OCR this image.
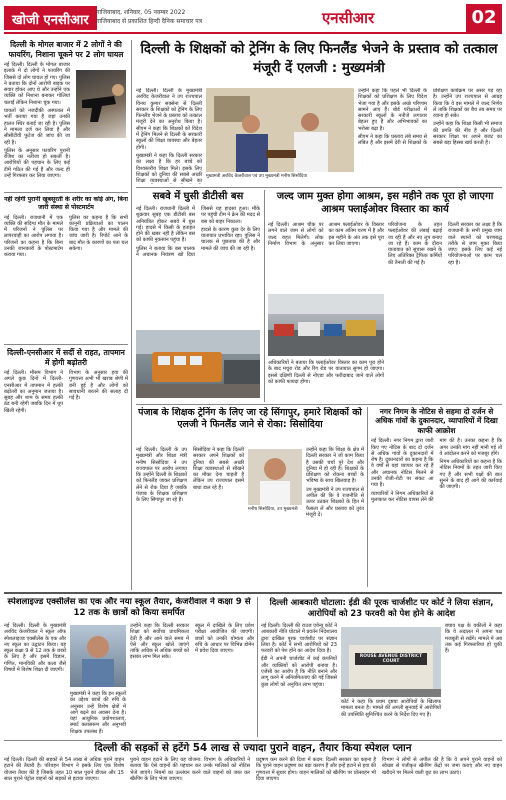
खोजी एनसीआर
गाजियाबाद, शनिवार, 05 नवम्बर 2022
गाजियाबाद से प्रकाशित हिन्दी दैनिक समाचार पत्र	एनसीआर	02
दिल्ली के मोगल बाजार में 2 लोगों ने की फायरिंग, निशाना चूकने पर 2 लोग घायल

नई दिल्ली। दिल्ली के मोगल बाजार इलाके में दो लोगों ने फायरिंग की जिससे दो लोग घायल हो गए। पुलिस ने बताया कि दोनों आरोपी बाइक पर सवार होकर आए थे और उन्होंने एक व्यक्ति को निशाना बनाकर गोलियां चलाईं लेकिन निशाना चूक गया।

घायलों को नजदीकी अस्पताल में भर्ती कराया गया है जहां उनकी हालत स्थिर बताई जा रही है। पुलिस ने मामला दर्ज कर लिया है और सीसीटीवी फुटेज की जांच की जा रही है।

पुलिस के अनुसार फायरिंग पुरानी रंजिश का नतीजा हो सकती है। आरोपियों की पहचान के लिए कई टीमें गठित की गई हैं और जल्द ही उन्हें गिरफ्तार कर लिया जाएगा।

नहीं रहेगी पुरानी खूबसूरती के शरीर का कोई अंग, बिना जारी संस्था से पोस्टमार्टम

नई दिल्ली। राजधानी में एक व्यक्ति की संदिग्ध मौत के मामले में परिजनों ने पुलिस पर लापरवाही का आरोप लगाया है। परिजनों का कहना है कि बिना उनकी जानकारी के पोस्टमार्टम कराया गया।

पुलिस का कहना है कि सभी कानूनी प्रक्रियाओं का पालन किया गया है और मामले की जांच जारी है। रिपोर्ट आने के बाद मौत के कारणों का पता चल सकेगा।

दिल्ली-एनसीआर में सर्दी से राहत, तापमान में होगी बढ़ोतरी

नई दिल्ली। मौसम विभाग ने अगले कुछ दिनों में दिल्ली-एनसीआर में तापमान में हल्की बढ़ोतरी का अनुमान जताया है। सुबह और शाम के समय हल्की ठंड बनी रहेगी जबकि दिन में धूप खिली रहेगी।

विभाग के अनुसार हवा की गुणवत्ता अभी भी खराब श्रेणी में बनी हुई है और लोगों को सावधानी बरतने की सलाह दी गई है।

दिल्ली के शिक्षकों को ट्रेनिंग के लिए फिनलैंड भेजने के प्रस्ताव को तत्काल मंजूरी दें एलजी : मुख्यमंत्री

नई दिल्ली। दिल्ली के मुख्यमंत्री अरविंद केजरीवाल ने उप राज्यपाल विनय कुमार सक्सेना से दिल्ली सरकार के शिक्षकों को ट्रेनिंग के लिए फिनलैंड भेजने के प्रस्ताव को तत्काल मंजूरी देने का अनुरोध किया है। सीएम ने कहा कि शिक्षकों को विदेश में ट्रेनिंग मिलने से दिल्ली के सरकारी स्कूलों की शिक्षा व्यवस्था और बेहतर होगी।

मुख्यमंत्री ने कहा कि दिल्ली सरकार का लक्ष्य है कि हर बच्चे को विश्वस्तरीय शिक्षा मिले। इसके लिए शिक्षकों को दुनिया की सबसे अच्छी शिक्षा व्यवस्थाओं से सीखने का

मुख्यमंत्री अरविंद केजरीवाल एवं उप मुख्यमंत्री मनीष सिसोदिया

उन्होंने कहा कि पहले भी दिल्ली के शिक्षकों को प्रशिक्षण के लिए विदेश भेजा गया है और इसके अच्छे परिणाम सामने आए हैं। बोर्ड परीक्षाओं में सरकारी स्कूलों के नतीजे लगातार बेहतर हुए हैं और अभिभावकों का भरोसा बढ़ा है।

सीएम ने कहा कि प्रस्ताव लंबे समय से लंबित है और इसमें देरी से शिक्षकों के प्रशिक्षण कार्यक्रम पर असर पड़ रहा है। उन्होंने उप राज्यपाल से आग्रह किया कि वे इस मामले में जल्द निर्णय लें ताकि शिक्षकों का बैच तय समय पर रवाना हो सके।

उन्होंने कहा कि शिक्षा किसी भी समाज की प्रगति की नींव है और दिल्ली सरकार शिक्षा पर अपने बजट का सबसे बड़ा हिस्सा खर्च करती है।

सबवे में घुसी डीटीसी बस

नई दिल्ली। राजधानी दिल्ली में शुक्रवार सुबह एक डीटीसी बस अनियंत्रित होकर सबवे में घुस गई। हादसे में किसी के हताहत होने की खबर नहीं है लेकिन बस को काफी नुकसान पहुंचा है।

पुलिस ने बताया कि बस चालक ने अचानक नियंत्रण खो दिया जिससे यह हादसा हुआ। मौके पर पहुंची टीम ने क्रेन की मदद से बस को बाहर निकाला।

हादसे के कारण कुछ देर के लिए यातायात प्रभावित रहा। पुलिस ने चालक से पूछताछ की है और मामले की जांच की जा रही है।

जल्द जाम मुक्त होगा आश्रम, इस महीने तक पूरा हो जाएगा आश्रम फ्लाईओवर विस्तार का कार्य

नई दिल्ली। आश्रम चौक पर लगने वाले जाम से लोगों को जल्द राहत मिलेगी। लोक निर्माण विभाग के अनुसार आश्रम फ्लाईओवर के विस्तार का काम अंतिम चरण में है और इस महीने के अंत तक इसे पूरा कर लिया जाएगा।

अधिकारियों ने बताया कि फ्लाईओवर विस्तार का काम पूरा होने के बाद मथुरा रोड और रिंग रोड पर यातायात सुगम हो जाएगा। इससे दक्षिणी दिल्ली से नोएडा और फरीदाबाद जाने वाले लोगों को काफी फायदा होगा।

परियोजना के तहत फ्लाईओवर की लंबाई बढ़ाई जा रही है और नए लूप बनाए जा रहे हैं। काम के दौरान यातायात को सुचारू रखने के लिए अतिरिक्त ट्रैफिक कर्मियों की तैनाती की गई है।

दिल्ली सरकार का लक्ष्य है कि राजधानी के सभी प्रमुख जाम वाले स्थानों को चरणबद्ध तरीके से जाम मुक्त किया जाए। इसके लिए कई नई परियोजनाओं पर काम चल रहा है।

पंजाब के शिक्षक ट्रेनिंग के लिए जा रहे सिंगापुर, हमारे शिक्षकों को एलजी ने फिनलैंड जाने से रोका: सिसोदिया

नई दिल्ली। दिल्ली के उप मुख्यमंत्री और शिक्षा मंत्री मनीष सिसोदिया ने उप राज्यपाल पर आरोप लगाया कि उन्होंने दिल्ली के शिक्षकों को फिनलैंड जाकर प्रशिक्षण लेने से रोक दिया है जबकि पंजाब के शिक्षक प्रशिक्षण के लिए सिंगापुर जा रहे हैं।

सिसोदिया ने कहा कि दिल्ली सरकार अपने शिक्षकों को दुनिया की सबसे अच्छी शिक्षा व्यवस्थाओं से सीखने का मौका देना चाहती है लेकिन उप राज्यपाल इसमें बाधा डाल रहे हैं।

मनीष सिसोदिया, उप मुख्यमंत्री

उन्होंने कहा कि शिक्षा के क्षेत्र में दिल्ली सरकार ने जो काम किया है उसकी चर्चा पूरे देश और दुनिया में हो रही है। शिक्षकों के प्रशिक्षण को रोकना बच्चों के भविष्य के साथ खिलवाड़ है।

उप मुख्यमंत्री ने उप राज्यपाल से अपील की कि वे राजनीति से ऊपर उठकर शिक्षकों के हित में फैसला लें और प्रस्ताव को तुरंत मंजूरी दें।

नगर निगम के नोटिस से सहमा दो दर्जन से अधिक गांवों के दुकानदार, व्यापारियों में दिखा काफी आक्रोश

नई दिल्ली। नगर निगम द्वारा जारी किए गए नोटिस के बाद दो दर्जन से अधिक गांवों के दुकानदारों में रोष है। दुकानदारों का कहना है कि वे वर्षों से यहां व्यापार कर रहे हैं और अचानक नोटिस मिलने से उनकी रोजी-रोटी पर संकट आ गया है।

व्यापारियों ने निगम अधिकारियों से मुलाकात कर नोटिस वापस लेने की मांग की है। उनका कहना है कि अगर उनकी मांग नहीं मानी गई तो वे आंदोलन करने को मजबूर होंगे।

निगम अधिकारियों का कहना है कि नोटिस नियमों के तहत जारी किए गए हैं और सभी पक्षों की बात सुनने के बाद ही आगे की कार्रवाई की जाएगी।

स्पेशलाइज्ड एक्सीलेंस का एक और नया स्कूल तैयार, केजरीवाल ने कक्षा 9 से 12 तक के छात्रों को किया समर्पित

नई दिल्ली। दिल्ली के मुख्यमंत्री अरविंद केजरीवाल ने स्कूल ऑफ स्पेशलाइज्ड एक्सीलेंस के एक और नए स्कूल का उद्घाटन किया। यह स्कूल कक्षा 9 से 12 तक के छात्रों के लिए है और इसमें विज्ञान, गणित, मानविकी और कला जैसे विषयों में विशेष शिक्षा दी जाएगी।

मुख्यमंत्री ने कहा कि इन स्कूलों का उद्देश्य छात्रों की रुचि के अनुसार उन्हें विशेष क्षेत्रों में आगे बढ़ने का अवसर देना है। यहां आधुनिक प्रयोगशालाएं, स्मार्ट क्लासरूम और अनुभवी शिक्षक उपलब्ध हैं।

उन्होंने कहा कि दिल्ली सरकार शिक्षा को सर्वोच्च प्राथमिकता देती है और आने वाले समय में ऐसे और स्कूल खोले जाएंगे ताकि अधिक से अधिक बच्चों को इसका लाभ मिल सके।

स्कूल में दाखिले के लिए प्रवेश परीक्षा आयोजित की जाएगी। छात्रों को उनकी योग्यता और रुचि के आधार पर विभिन्न डोमेन में प्रवेश दिया जाएगा।

दिल्ली आबकारी घोटाला: ईडी की पूरक चार्जशीट पर कोर्ट ने लिया संज्ञान, आरोपियों को 23 फरवरी को पेश होने के आदेश

नई दिल्ली। दिल्ली की राउज एवेन्यू कोर्ट ने आबकारी नीति घोटाले में प्रवर्तन निदेशालय द्वारा दाखिल पूरक चार्जशीट पर संज्ञान लिया है। कोर्ट ने सभी आरोपियों को 23 फरवरी को पेश होने का आदेश दिया है।

ईडी ने अपनी चार्जशीट में कई कंपनियों और व्यक्तियों को आरोपी बनाया है। एजेंसी का आरोप है कि नीति बनाने और लागू करने में अनियमितताएं की गईं जिससे कुछ लोगों को अनुचित लाभ पहुंचा।

ROUSE AVENUE DISTRICT COURT

कोर्ट ने कहा कि प्रथम दृष्टया आरोपियों के खिलाफ मामला बनता है। मामले की अगली सुनवाई में आरोपियों की उपस्थिति सुनिश्चित करने के निर्देश दिए गए हैं।

बचाव पक्ष के वकीलों ने कहा कि वे अदालत में अपना पक्ष मजबूती से रखेंगे। मामले में अब तक कई गिरफ्तारियां हो चुकी हैं।

दिल्ली की सड़कों से हटेंगे 54 लाख से ज्यादा पुराने वाहन, तैयार किया स्पेशल प्लान

नई दिल्ली। दिल्ली की सड़कों से 54 लाख से अधिक पुराने वाहन हटाने की तैयारी है। परिवहन विभाग ने इसके लिए एक विशेष योजना तैयार की है जिसके तहत 10 साल पुराने डीजल और 15 साल पुराने पेट्रोल वाहनों को सड़कों से हटाया जाएगा।

पुराने वाहन हटाने के लिए यह योजना: विभाग के अधिकारियों ने बताया कि ऐसे वाहनों की पहचान कर उनके मालिकों को नोटिस भेजे जाएंगे। नियमों का उल्लंघन करने वाले वाहनों को जब्त कर स्क्रैपिंग के लिए भेजा जाएगा।

प्रदूषण कम करने की दिशा में कदम: दिल्ली सरकार का कहना है कि पुराने वाहन प्रदूषण का बड़ा कारण हैं और इन्हें हटाने से हवा की गुणवत्ता में सुधार होगा। वाहन मालिकों को स्क्रैपिंग पर प्रोत्साहन भी दिया जाएगा।

विभाग ने लोगों से अपील की है कि वे अपने पुराने वाहनों को स्वेच्छा से पंजीकृत स्क्रैपिंग केंद्रों पर जमा कराएं और नए वाहन खरीदने पर मिलने वाली छूट का लाभ उठाएं।
